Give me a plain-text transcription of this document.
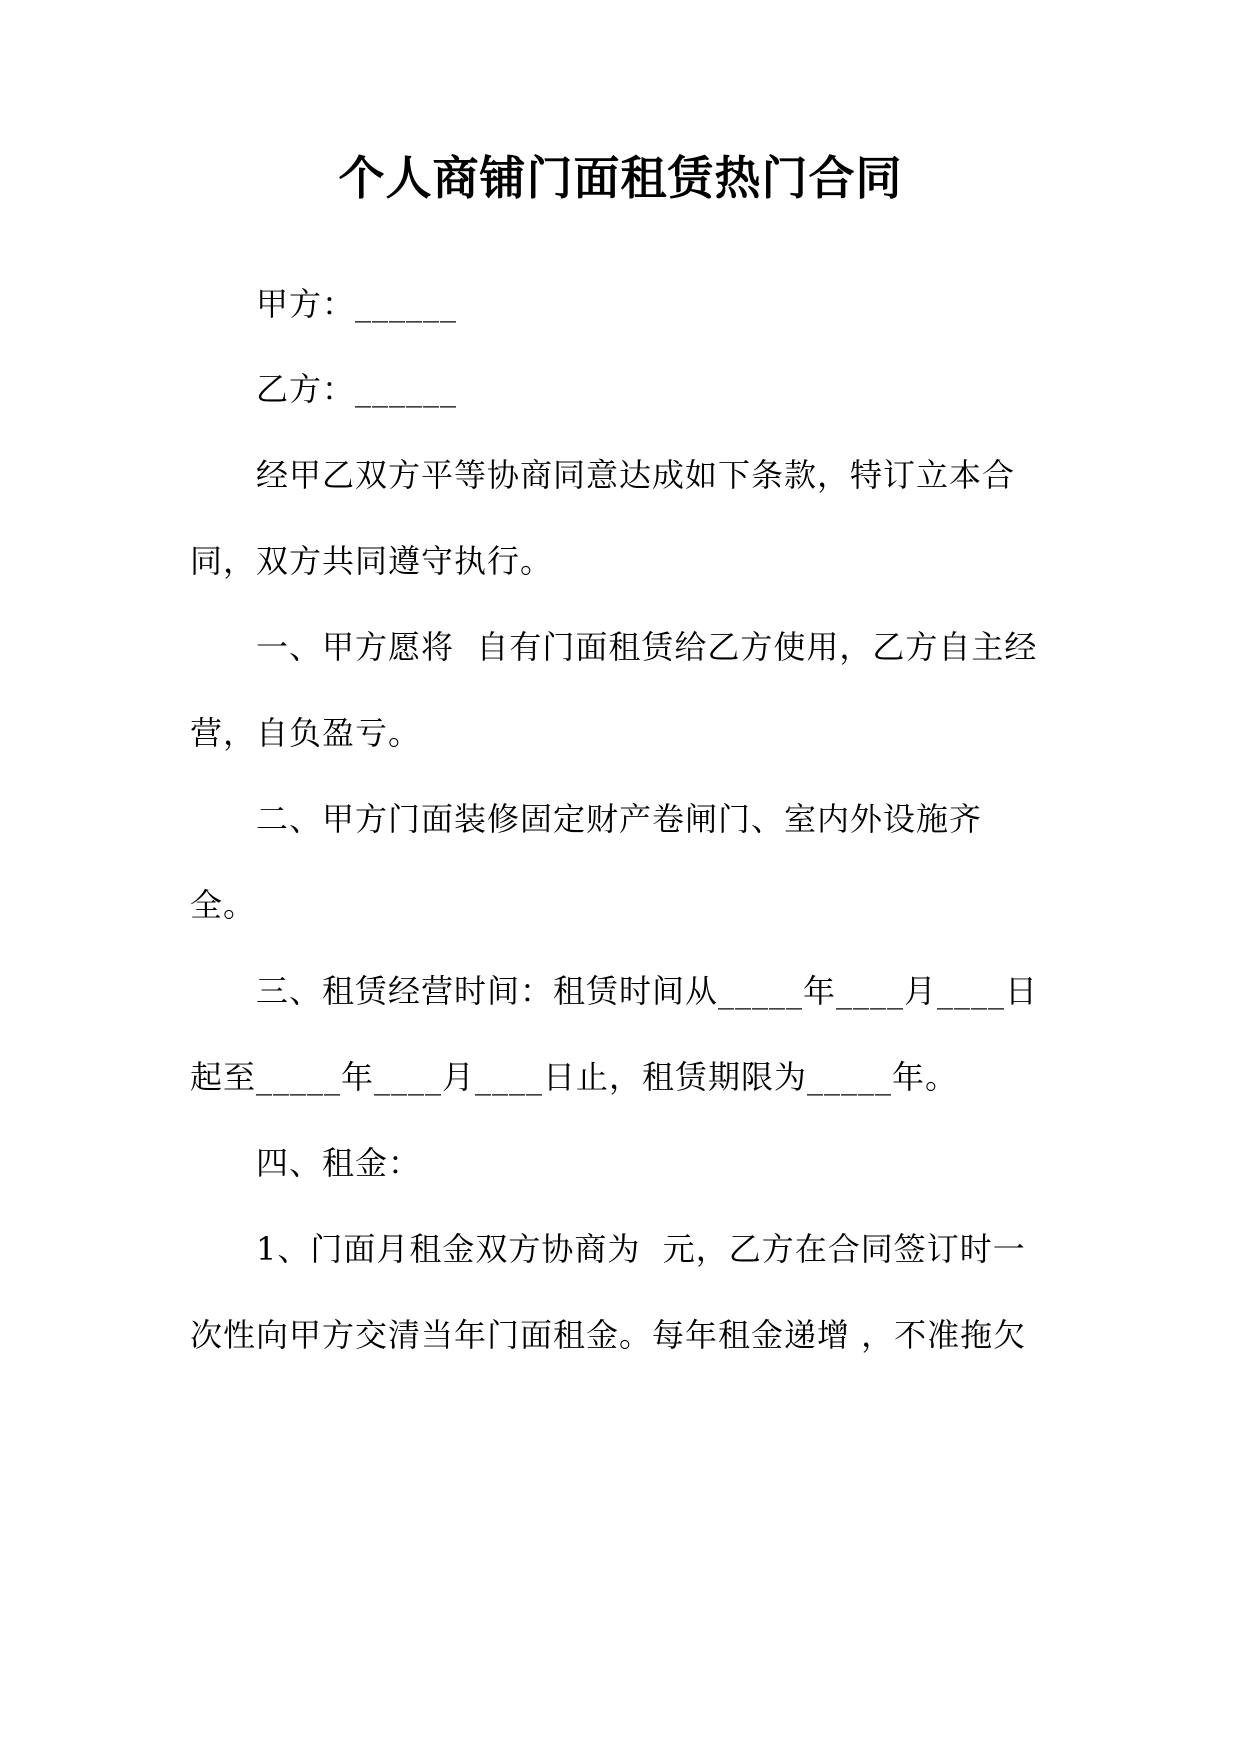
个人商铺门面租赁热门合同
甲方：______
乙方：______
经甲乙双方平等协商同意达成如下条款，特订立本合
同，双方共同遵守执行。
一、甲方愿将  自有门面租赁给乙方使用，乙方自主经
营，自负盈亏。
二、甲方门面装修固定财产卷闸门、室内外设施齐
全。
三、租赁经营时间：租赁时间从_____年____月____日
起至_____年____月____日止，租赁期限为_____年。
四、租金：
1、门面月租金双方协商为  元，乙方在合同签订时一
次性向甲方交清当年门面租金。每年租金递增 ，不准拖欠
